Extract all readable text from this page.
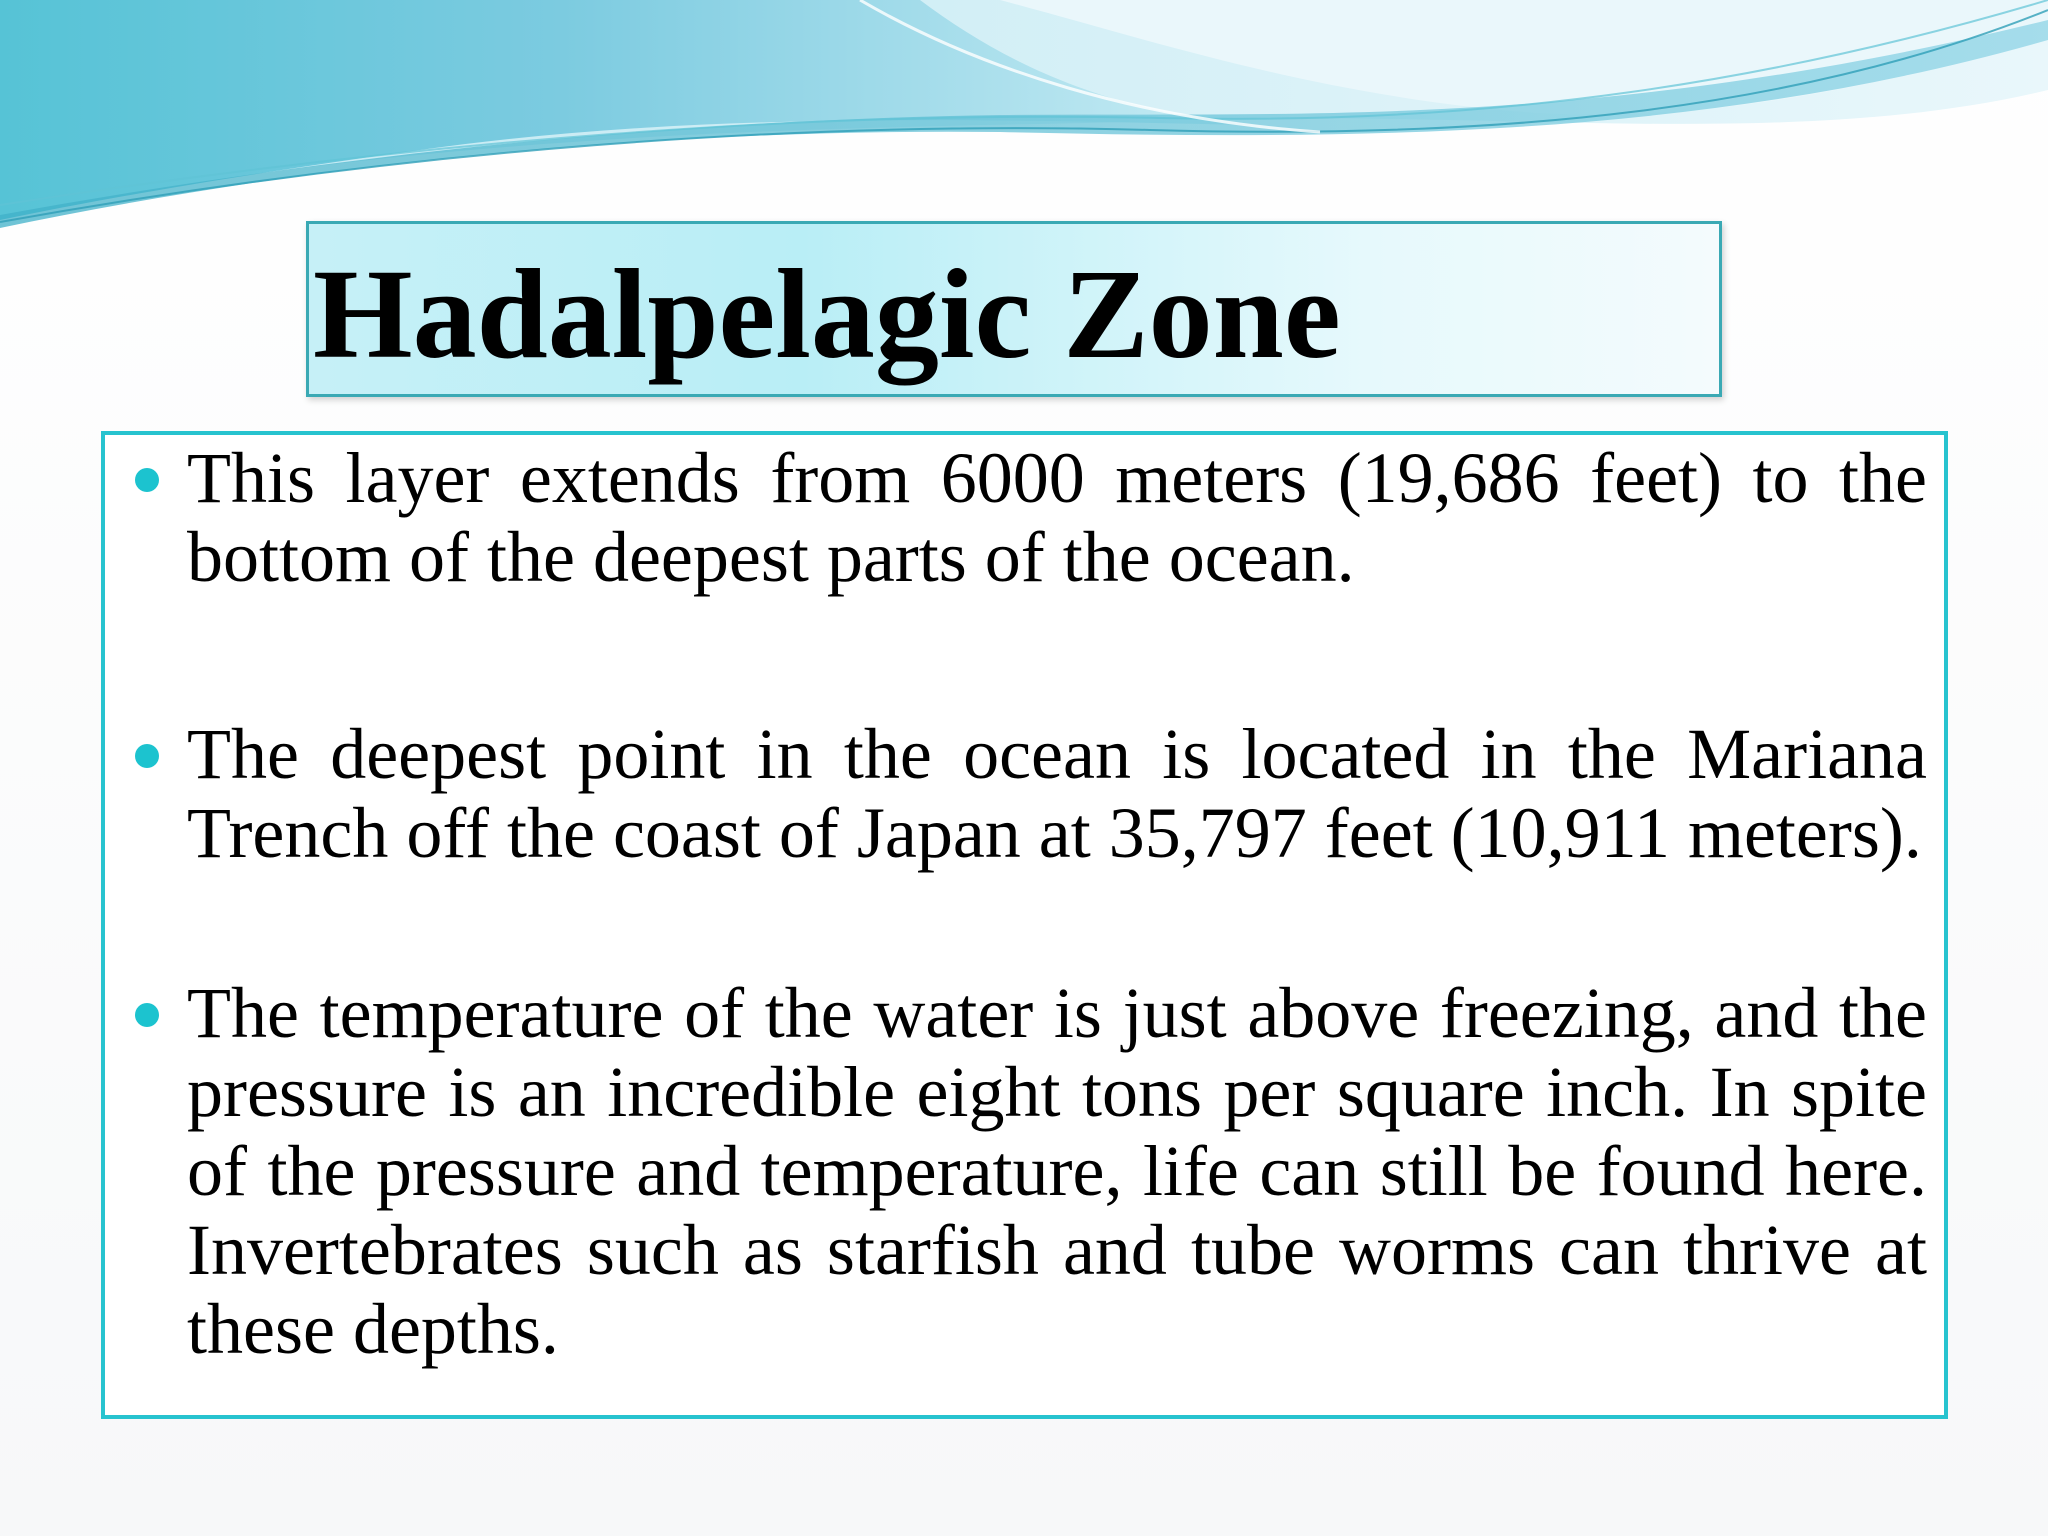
Hadalpelagic Zone
This layer extends from 6000 meters (19,686 feet) to the bottom of the deepest parts of the ocean.
The deepest point in the ocean is located in the Mariana Trench off the coast of Japan at 35,797 feet (10,911 meters).
The temperature of the water is just above freezing, and the pressure is an incredible eight tons per square inch. In spite of the pressure and temperature, life can still be found here. Invertebrates such as starfish and tube worms can thrive at these depths.
